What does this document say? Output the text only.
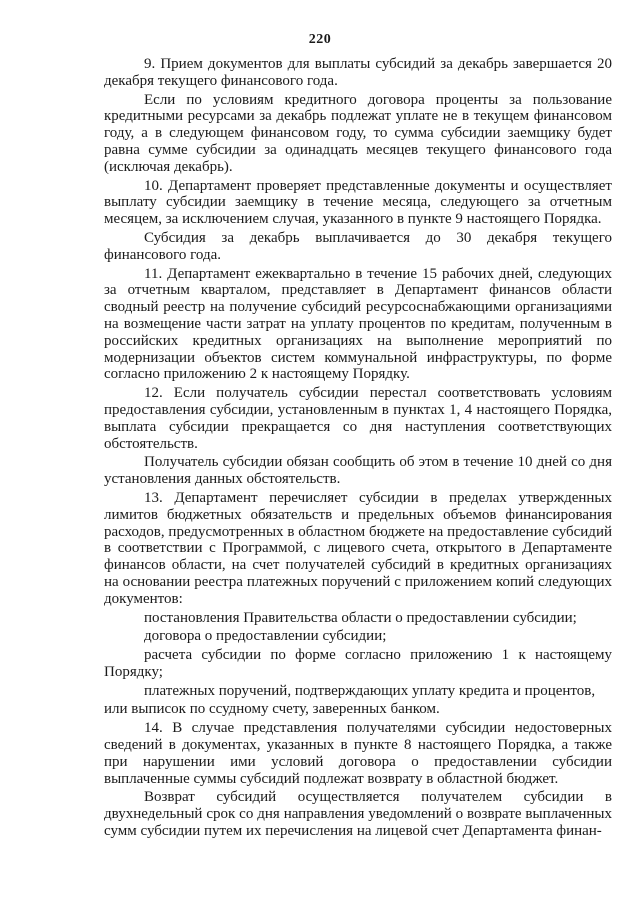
220

9. Прием документов для выплаты субсидий за декабрь завершается 20 декабря текущего финансового года.

Если по условиям кредитного договора проценты за пользование кредитными ресурсами за декабрь подлежат уплате не в текущем финансовом году, а в следующем финансовом году, то сумма субсидии заемщику будет равна сумме субсидии за одинадцать месяцев текущего финансового года (исключая декабрь).

10. Департамент проверяет представленные документы и осуществляет выплату субсидии заемщику в течение месяца, следующего за отчетным месяцем, за исключением случая, указанного в пункте 9 настоящего Порядка.

Субсидия за декабрь выплачивается до 30 декабря текущего финансового года.

11. Департамент ежеквартально в течение 15 рабочих дней, следующих за отчетным кварталом, представляет в Департамент финансов области сводный реестр на получение субсидий ресурсоснабжающими организациями на возмещение части затрат на уплату процентов по кредитам, полученным в российских кредитных организациях на выполнение мероприятий по модернизации объектов систем коммунальной инфраструктуры, по форме согласно приложению 2 к настоящему Порядку.

12. Если получатель субсидии перестал соответствовать условиям предоставления субсидии, установленным в пунктах 1, 4 настоящего Порядка, выплата субсидии прекращается со дня наступления соответствующих обстоятельств.

Получатель субсидии обязан сообщить об этом в течение 10 дней со дня установления данных обстоятельств.

13. Департамент перечисляет субсидии в пределах утвержденных лимитов бюджетных обязательств и предельных объемов финансирования расходов, предусмотренных в областном бюджете на предоставление субсидий в соответствии с Программой, с лицевого счета, открытого в Департаменте финансов области, на счет получателей субсидий в кредитных организациях на основании реестра платежных поручений с приложением копий следующих документов:

постановления Правительства области о предоставлении субсидии;

договора о предоставлении субсидии;

расчета субсидии по форме согласно приложению 1 к настоящему Порядку;

платежных поручений, подтверждающих уплату кредита и процентов,

или выписок по ссудному счету, заверенных банком.

14. В случае представления получателями субсидии недостоверных сведений в документах, указанных в пункте 8 настоящего Порядка, а также при нарушении ими условий договора о предоставлении субсидии выплаченные суммы субсидий подлежат возврату в областной бюджет.

Возврат субсидий осуществляется получателем субсидии в двухнедельный срок со дня направления уведомлений о возврате выплаченных сумм субсидии путем их перечисления на лицевой счет Департамента финан-
